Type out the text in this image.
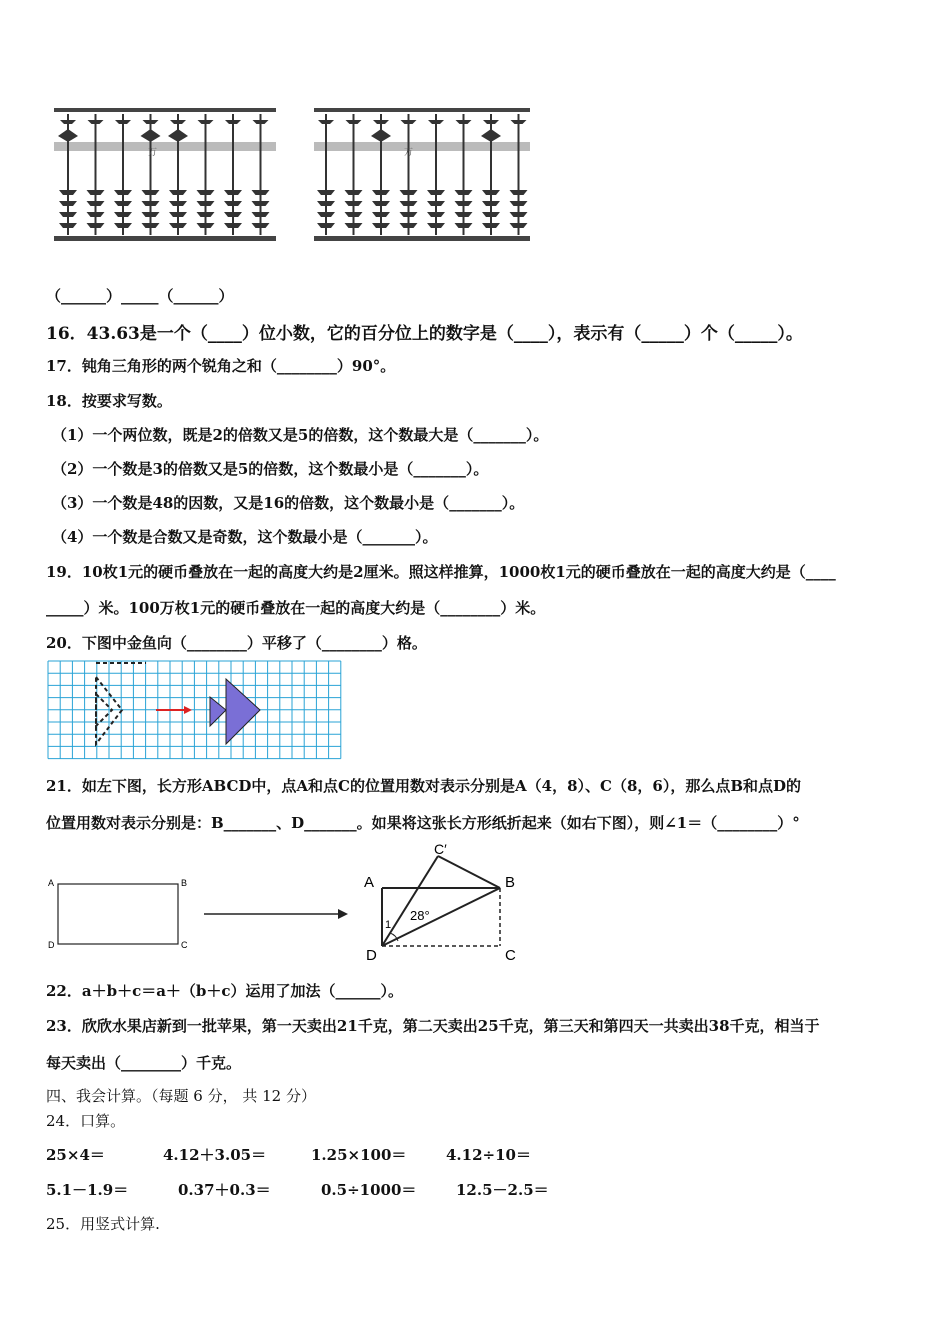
万	万
（______）_____（______）
16．43.63是一个（____）位小数，它的百分位上的数字是（____），表示有（_____）个（_____）。
17．钝角三角形的两个锐角之和（________）90°。
18．按要求写数。
（1）一个两位数，既是2的倍数又是5的倍数，这个数最大是（_______）。
（2）一个数是3的倍数又是5的倍数，这个数最小是（_______）。
（3）一个数是48的因数，又是16的倍数，这个数最小是（_______）。
（4）一个数是合数又是奇数，这个数最小是（_______）。
19．10枚1元的硬币叠放在一起的高度大约是2厘米。照这样推算，1000枚1元的硬币叠放在一起的高度大约是（____
_____）米。100万枚1元的硬币叠放在一起的高度大约是（________）米。
20．下图中金鱼向（________）平移了（________）格。
21．如左下图，长方形ABCD中，点A和点C的位置用数对表示分别是A（4，8）、C（8，6），那么点B和点D的
位置用数对表示分别是：B_______、D_______。如果将这张长方形纸折起来（如右下图），则∠1＝（________）°
A	B
C
D
A	B
C
D
C′
28°
1
22．a＋b＋c＝a＋（b＋c）运用了加法（______）。
23．欣欣水果店新到一批苹果，第一天卖出21千克，第二天卖出25千克，第三天和第四天一共卖出38千克，相当于
每天卖出（________）千克。
四、我会计算。（每题 6 分， 共 12 分）
24．口算。
25×4＝	4.12＋3.05＝	1.25×100＝	4.12÷10＝
5.1－1.9＝	0.37＋0.3＝	0.5÷1000＝	12.5－2.5＝
25．用竖式计算.
